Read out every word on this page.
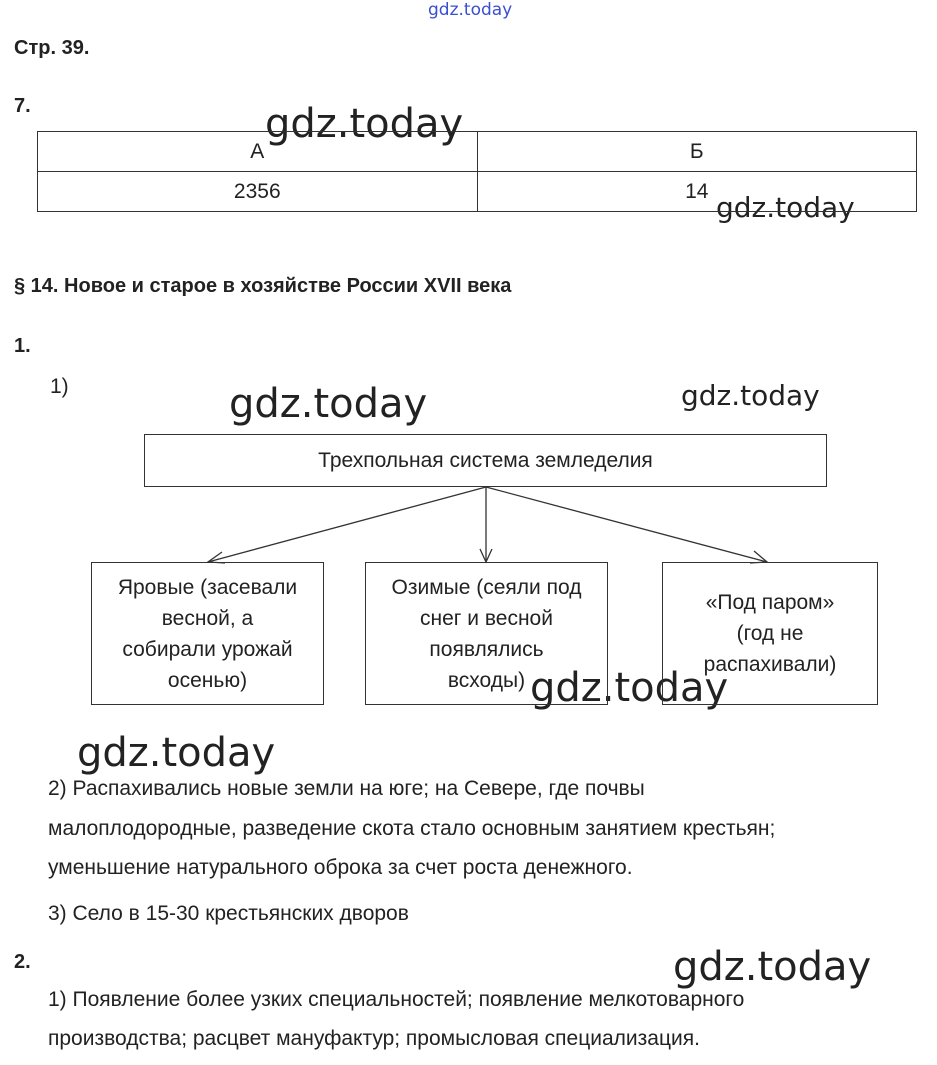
gdz.today
gdz.today
gdz.today
gdz.today	gdz.today
gdz.today
gdz.today
gdz.today
Стр. 39.
7.
А	Б
2356	14
§ 14. Новое и старое в хозяйстве России XVII века
1.
1)
Трехпольная система земледелия
Яровые (засевали
весной, а
собирали урожай
осенью)
Озимые (сеяли под
снег и весной
появлялись
всходы)
«Под паром»
(год не
распахивали)
2) Распахивались новые земли на юге; на Севере, где почвы
малоплодородные, разведение скота стало основным занятием крестьян;
уменьшение натурального оброка за счет роста денежного.
3) Село в 15-30 крестьянских дворов
2.
1) Появление более узких специальностей; появление мелкотоварного
производства; расцвет мануфактур; промысловая специализация.
